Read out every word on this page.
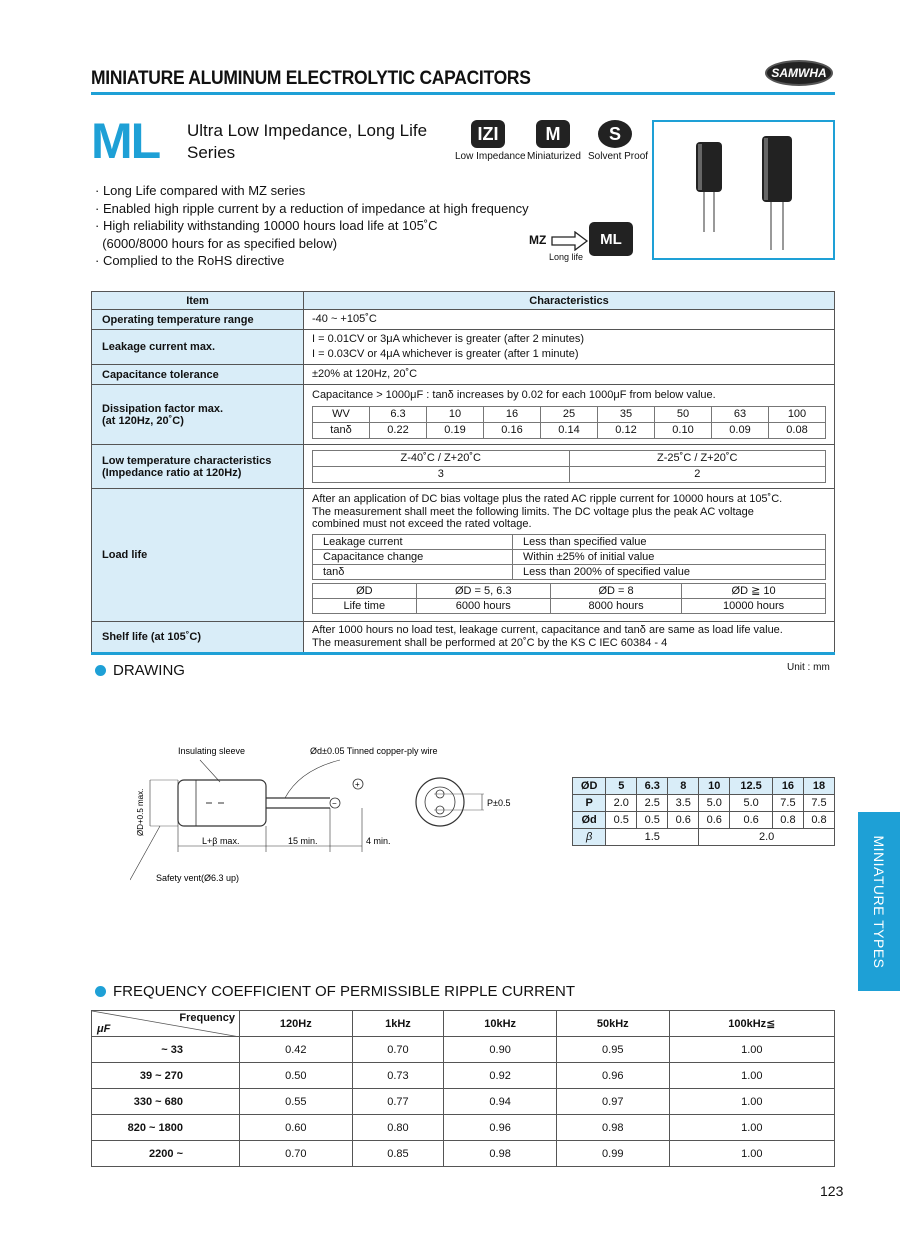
MINIATURE ALUMINUM ELECTROLYTIC CAPACITORS	SAMWHA
ML Ultra Low Impedance, Long Life
Series
IZI
Low Impedance
M
Miniaturized
S
Solvent Proof
· Long Life compared with MZ series
· Enabled high ripple current by a reduction of impedance at high frequency
· High reliability withstanding 10000 hours load life at 105˚C
(6000/8000 hours for as specified below)
· Complied to the RoHS directive
MZ	ML
Long life
Item	Characteristics
Operating temperature range	-40 ~ +105˚C
Leakage current max.	
I = 0.01CV or 3μA whichever is greater (after 2 minutes)
I = 0.03CV or 4μA whichever is greater (after 1 minute)

Capacitance tolerance	±20% at 120Hz, 20˚C

Dissipation factor max.
(at 120Hz, 20˚C)

Capacitance > 1000μF : tanδ increases by 0.02 for each 1000μF from below value.
WV	6.3	10	16	25	35	50	63	100
tanδ	0.22	0.19	0.16	0.14	0.12	0.10	0.09	0.08

Low temperature characteristics
(Impedance ratio at 120Hz)

Z-40˚C / Z+20˚C	Z-25˚C / Z+20˚C
3	2

Load life	
After an application of DC bias voltage plus the rated AC ripple current for 10000 hours at 105˚C.
The measurement shall meet the following limits. The DC voltage plus the peak AC voltage
combined must not exceed the rated voltage.
Leakage current	Less than specified value
Capacitance change	Within ±25% of initial value
tanδ	Less than 200% of specified value
ØD	ØD = 5, 6.3	ØD = 8	ØD ≧ 10
Life time	6000 hours	8000 hours	10000 hours

Shelf life (at 105˚C)	
After 1000 hours no load test, leakage current, capacitance and tanδ are same as load life value.
The measurement shall be performed at 20˚C by the KS C IEC 60384 - 4
DRAWING	Unit : mm
Insulating sleeve	Ød±0.05 Tinned copper-ply wire
ØD+0.5 max.
L+β max.	15 min.	4 min.
P±0.5
Safety vent(Ø6.3 up)
+
−
ØD	5	6.3	8	10	12.5	16	18
P	2.0	2.5	3.5	5.0	5.0	7.5	7.5
Ød	0.5	0.5	0.6	0.6	0.6	0.8	0.8
β	1.5			2.0			
FREQUENCY COEFFICIENT OF PERMISSIBLE RIPPLE CURRENT
Frequency
μF	120Hz	1kHz	10kHz	50kHz	100kHz≦
~ 33	0.42	0.70	0.90	0.95	1.00
39 ~ 270	0.50	0.73	0.92	0.96	1.00
330 ~ 680	0.55	0.77	0.94	0.97	1.00
820 ~ 1800	0.60	0.80	0.96	0.98	1.00
2200 ~	0.70	0.85	0.98	0.99	1.00
MINIATURE TYPES
123
